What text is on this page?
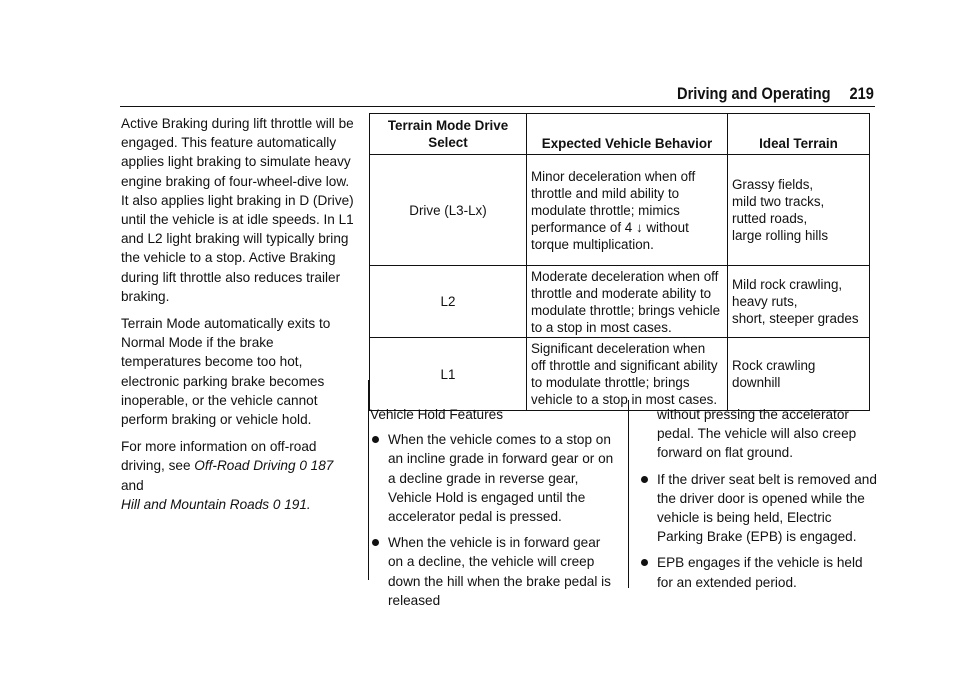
Driving and Operating 219

Active Braking during lift throttle will be engaged. This feature automatically applies light braking to simulate heavy engine braking of four-wheel-dive low. It also applies light braking in D (Drive) until the vehicle is at idle speeds. In L1 and L2 light braking will typically bring the vehicle to a stop. Active Braking during lift throttle also reduces trailer braking.

Terrain Mode automatically exits to Normal Mode if the brake temperatures become too hot, electronic parking brake becomes inoperable, or the vehicle cannot perform braking or vehicle hold.

For more information on off-road driving, see Off-Road Driving 0 187 and
Hill and Mountain Roads 0 191.

Terrain Mode Drive Select	Expected Vehicle Behavior	Ideal Terrain
Drive (L3-Lx)	Minor deceleration when off throttle and mild ability to modulate throttle; mimics performance of 4 ↓ without torque multiplication.	Grassy fields,
mild two tracks,
rutted roads,
large rolling hills
L2	Moderate deceleration when off throttle and moderate ability to modulate throttle; brings vehicle to a stop in most cases.	Mild rock crawling,
heavy ruts,
short, steeper grades
L1	Significant deceleration when off throttle and significant ability to modulate throttle; brings vehicle to a stop in most cases.	Rock crawling downhill

Vehicle Hold Features

When the vehicle comes to a stop on an incline grade in forward gear or on a decline grade in reverse gear, Vehicle Hold is engaged until the accelerator pedal is pressed.
When the vehicle is in forward gear on a decline, the vehicle will creep down the hill when the brake pedal is released
without pressing the accelerator pedal. The vehicle will also creep forward on flat ground.
If the driver seat belt is removed and the driver door is opened while the vehicle is being held, Electric Parking Brake (EPB) is engaged.
EPB engages if the vehicle is held for an extended period.
